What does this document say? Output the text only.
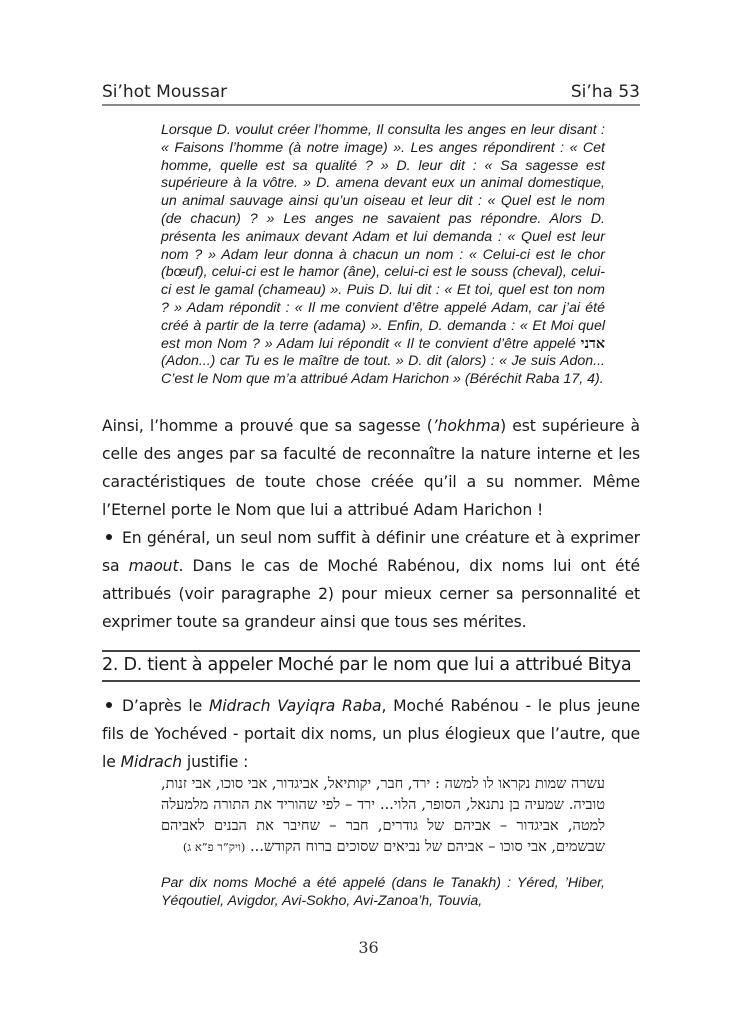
Si’hot Moussar	Si’ha 53

Lorsque D. voulut créer l’homme, Il consulta les anges en leur disant : « Faisons l’homme (à notre image) ». Les anges répondirent : « Cet homme, quelle est sa qualité ? » D. leur dit : « Sa sagesse est supérieure à la vôtre. » D. amena devant eux un animal domestique, un animal sauvage ainsi qu’un oiseau et leur dit : « Quel est le nom (de chacun) ? » Les anges ne savaient pas répondre. Alors D. présenta les animaux devant Adam et lui demanda : « Quel est leur nom ? » Adam leur donna à chacun un nom : « Celui-ci est le chor (bœuf), celui-ci est le hamor (âne), celui-ci est le souss (cheval), celui-ci est le gamal (chameau) ». Puis D. lui dit : « Et toi, quel est ton nom ? » Adam répondit : « Il me convient d’être appelé Adam, car j’ai été créé à partir de la terre (adama) ». Enfin, D. demanda : « Et Moi quel est mon Nom ? » Adam lui répondit « Il te convient d’être appelé אדני (Adon...) car Tu es le maître de tout. » D. dit (alors) : « Je suis Adon... C’est le Nom que m’a attribué Adam Harichon » (Béréchit Raba 17, 4).

Ainsi, l’homme a prouvé que sa sagesse (’hokhma) est supérieure à celle des anges par sa faculté de reconnaître la nature interne et les caractéristiques de toute chose créée qu’il a su nommer. Même l’Eternel porte le Nom que lui a attribué Adam Harichon !

En général, un seul nom suffit à définir une créature et à exprimer sa maout. Dans le cas de Moché Rabénou, dix noms lui ont été attribués (voir paragraphe 2) pour mieux cerner sa personnalité et exprimer toute sa grandeur ainsi que tous ses mérites.

2. D. tient à appeler Moché par le nom que lui a attribué Bitya

D’après le Midrach Vayiqra Raba, Moché Rabénou - le plus jeune fils de Yochéved - portait dix noms, un plus élogieux que l’autre, que le Midrach justifie :

עשרה שמות נקראו לו למשה : ירד, חבר, יקותיאל, אביגדור, אבי סוכו, אבי זנות, טוביה. שמעיה בן נתנאל, הסופר, הלוי... ירד – לפי שהוריד את התורה מלמעלה למטה, אביגדור – אביהם של גודרים, חבר – שחיבר את הבנים לאביהם שבשמים, אבי סוכו – אביהם של נביאים שסוכים ברוח הקודש... (ויק”ר פ”א ג)

Par dix noms Moché a été appelé (dans le Tanakh) : Yéred, ’Hiber, Yéqoutiel, Avigdor, Avi-Sokho, Avi-Zanoa’h, Touvia,

36
